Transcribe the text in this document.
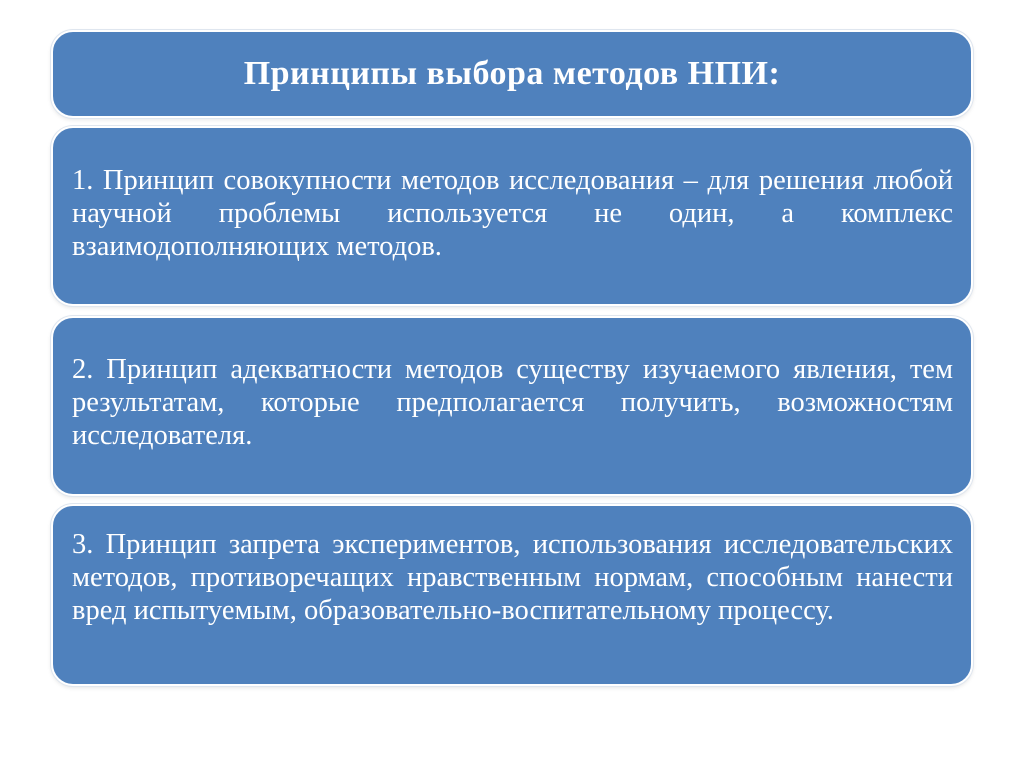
Принципы выбора методов НПИ:
1. Принцип совокупности методов исследования – для решения любой научной проблемы используется не один, а комплекс взаимодополняющих методов.
2. Принцип адекватности методов существу изучаемого явления, тем результатам, которые предполагается получить, возможностям исследователя.
3. Принцип запрета экспериментов, использования исследовательских методов, противоречащих нравственным нормам, способным нанести вред испытуемым, образовательно-воспитательному процессу.
